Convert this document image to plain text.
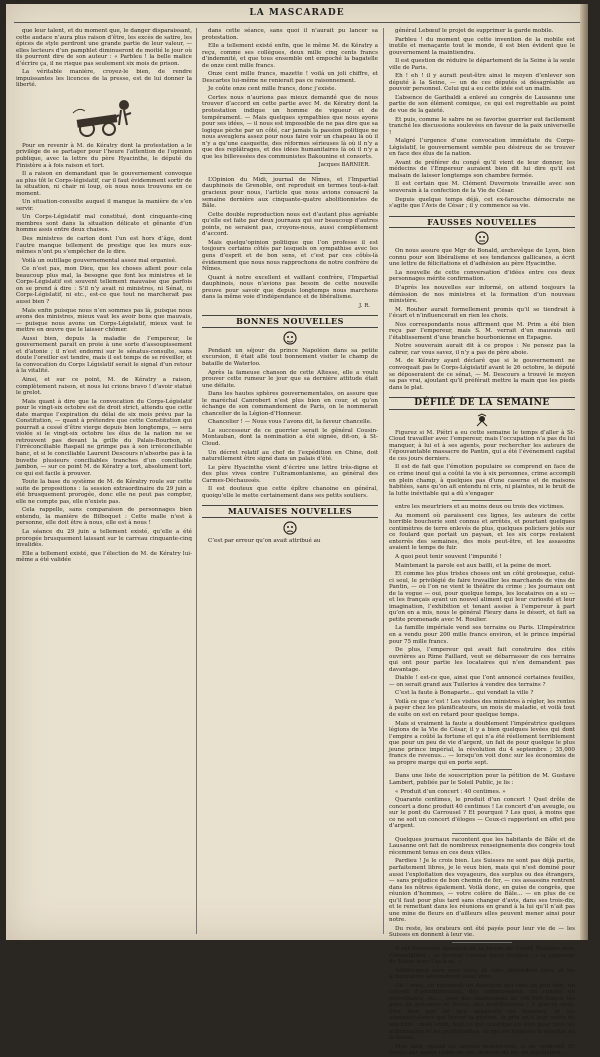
LA MASCARADE

que leur talent, et du moment que, le danger disparaissant, cette audace n’aura plus raison d’être, les excès de satire, les épices de style perdront une grande partie de leur valeur, — elles lecteurs d’un pamphlet diminueront de moitié le jour où ils pourront dire de son auteur : « Parbleu ! la belle malice d’écrire ça, il ne risque pas seulement six mois de prison.

La véritable manière, croyez-le bien, de rendre impuissantes les licences de la presse, est de lui donner la liberté.

Pour en revenir à M. de Kératry dont la protestation a le privilège de se partager pour l’heure l’attention de l’opinion publique, avec la lettre du père Hyacinthe, le député du Finistère a à fois raison et tort.

Il a raison en demandant que le gouvernement convoque au plus tôt le Corps-législatif, car il faut évidemment sortir de la situation, ni chair ni loup, où nous nous trouvons en ce moment.

Un situation-consulte auquel il manque la manière de s’en servir.

Un Corps-Législatif mal constitué, dont cinquante-cinq membres sont dans la situation délicate et gênante d’un homme assis entre deux chaises.

Des ministres de carton dont l’un est hors d’âge, dont l’autre manque tellement de prestige que les murs eux-mêmes n’ont pu s’empêcher de le dire.

Voilà un outillage gouvernemental assez mal organisé.

Ce n’est pas, mon Dieu, que les choses allent pour cela beaucoup plus mal, la besogne que font les ministres et le Corps-Législatif est souvent tellement mauvaise que parfois on se prend à dire : S’il n’y avait ni ministres, ni Sénat, ni Corps-Législatif, ni etc., est-ce que tout ne marcherait pas aussi bien ?

Mais enfin puisque nous n’en sommes pas là, puisque nous avons des ministres, mieux vaut les avoir bons que mauvais, — puisque nous avons un Corps-Législatif, mieux vaut le mettre en œuvre que le laisser chômer.

Aussi bien, depuis la maladie de l’empereur, le gouvernement paraît en proie à une sorte d’assoupissement et d’atonie ; il n’est endormi sur le sénatus-consulte, sans doute l’oreiller est tendre, mais il est temps de se réveiller, et la convocation du Corps Législatif serait le signal d’un retour à la vitalité.

Ainsi, et sur ce point, M. de Kératry a raison, complètement raison, et nous lui crions bravo ! d’avoir statué le grelot.

Mais quant à dire que la convocation du Corps-Législatif pour le vingt-six octobre est de droit strict, attendu que cette date marque l’expiration du délai de six mois prévu par la Constitution, — quant à prétendre que cette Constitution qui pourrait a cessé d’être vierge depuis bien longtemps, — sera violée si le vingt-six octobre les élus de la nation ne se retrouvent pas devant la grille du Palais-Bourbon, si l’irréconciliable Raspail ne grimpe pas à son irréconciliable banc, et si le conciliable Laurent Descours n’absorbe pas à la buvette plusieurs conciliables tranches d’un conciliable jambon, — sur ce point M. de Kératry a tort, absolument tort, ce qui est facile à prouver.

Toute la base du système de M. de Kératry roule sur cette suite de propositions : la session extraordinaire du 29 juin a été brusquement prorogée, donc elle ne peut pas compter, elle ne compte pas, elle n’existe pas.

Cela rappelle, sans comparaison de personnages bien entendu, la manière de Bilboquet : Cette malle n’est à personne, elle doit être à nous, elle est à nous !

La séance du 29 juin a tellement existé, qu’elle a été prorogée brusquement laissant sur le carreau cinquante-cinq invalidés.

Elle a tellement existé, que l’élection de M. de Kératry lui-même a été validée

dans cette séance, sans quoi il n’aurait pu lancer sa protestation.

Elle a tellement existé enfin, que le même M. de Kératry a reçu, comme ses collègues, deux mille cinq cents francs d’indemnité, et que tous ensemble ont empoché la bagatelle de onze cent mille francs.

Onze cent mille francs, mazette ! voilà un joli chiffre, et Descartes lui-même ne renierait pas ce raisonnement.

Je coûte onze cent mille francs, donc j’existe.

Certes nous n’aurions pas mieux demandé que de nous trouver d’accord en cette partie avec M. de Kératry dont la protestation indique un homme de vigueur et de tempérament. — Mais quelques sympathies que nous ayons pour ses idées, — il nous est impossible de ne pas dire que sa logique pèche par un côté, car jamais la passion politique ne nous aveuglera assez pour nous faire voir un chapeau là où il n’y a qu’une casquette, des réformes sérieuses là où il n’y a que des replâtrages, et des idées humanitaires là où il n’y a que les billevesées des communistes Bakounine et consorts.

Jacques BARNIER.

L’Opinion du Midi, journal de Nîmes, et l’Impartial dauphinois de Grenoble, ont reproduit en termes tout-à-fait gracieux pour nous, l’article que nous avions consacré la semaine dernière aux cinquante-quatre abolitionnistes de Bâle.

Cette double reproduction nous est d’autant plus agréable qu’elle est faite par deux journaux qui sur beaucoup d’autres points, ne seraient pas, croyons-nous, aussi complètement d’accord.

Mais quelqu’opinion politique que l’on professe il est toujours certains côtés par lesquels on sympathise avec les gens d’esprit et de bon sens, et c’est par ces côtés-là évidemment que nous nous rapprochons de notre confrère de Nîmes.

Quant à notre excellent et vaillant confrère, l’Impartial dauphinois, nous n’avions pas besoin de cette nouvelle preuve pour savoir que depuis longtemps nous marchons dans la même voie d’indépendance et de libéralisme.

J. R.

BONNES NOUVELLES

Pendant un séjour du prince Napoléon dans sa petite excursion, il était allé tout bonnement visiter le champ de bataille de Waterloo.

Après la fameuse chanson de cette Altesse, elle a voulu prouver cette rumeur le jour que sa dernière attitude était une défaite.

Dans les hautes sphères gouvernementales, on assure que le maréchal Canrobert n’est plus bien en cour, et qu’on échange de son commandement de Paris, on le nommerait chancelier de la Légion-d’Honneur.

Chancelier ! — Nous vous l’avons dit, la faveur chancelle.

Le successeur de ce guerrier serait le général Cousin-Montauban, dont la nomination a été signée, dit-on, à St-Cloud.

Un décret relatif au chef de l’expédition en Chine, doit naturellement être signé dans un palais d’été.

Le père Hyacinthe vient d’écrire une lettre très-digne et des plus vives contre l’ultramontanisme, au général des Carmes-Déchaussés.

Il est douteux que cette épître chanoine en général, quoiqu’elle le mette certainement dans ses petits souliers.

MAUVAISES NOUVELLES

C’est par erreur qu’on avait attribué au

général Lebœuf le projet de supprimer la garde mobile.

Parbleu ! du moment que cette invention de la mobile est inutile et menaçante tout le monde, il est bien évident que le gouvernement la maintiendra.

Il est question de réduire le département de la Seine à la seule ville de Paris.

Eh ! eh ! il y aurait peut-être ainsi le moyen d’enlever son député à la Seine, — un de ces députés si désagréable au pouvoir personnel. Celui qui a eu cette idée est un malin.

L’absence de Garibaldi a enlevé au congrès de Lausanne une partie de son élément comique, ce qui est regrettable au point de vue de la gaieté.

Et puis, comme le sabre ne se favorise guerrier eut facilement tranché les discussions soulevées en faveur de la paix universelle !

Malgré l’urgence d’une convocation immédiate du Corps-Législatif, le gouvernement semble peu désireux de se trouver en face des élus de la nation.

Avant de préférer du congé qu’il vient de leur donner, les médecins de l’Empereur auraient bien dit lui dire qu’il est malsain de laisser longtemps son chambre fermée.

Il est certain que M. Clément Duvernois travaille avec son souverain à la confection de la Vie de César.

Depuis quelque temps déjà, cet ex-farouche démocrate ne s’agite que l’Avis de César ; il y commence sa vie.

FAUSSES NOUVELLES

On nous assure que Mgr de Bonald, archevêque de Lyon, bien connu pour son libéralisme et ses tendances gallicanes, a écrit une lettre de félicitations et d’adhésion au père Hyacinthe.

La nouvelle de cette conversation d’idées entre ces deux personnages mérite confirmation.

D’après les nouvelles sur informé, on attend toujours la démission de nos ministres et la formation d’un nouveau ministère.

M. Rouher aurait formellement promis qu’il se tiendrait à l’écart et n’influencerait en rien les choix.

Nos correspondants nous affirment que M. Prim a été bien reçu par l’empereur, mais S. M. verrait d’un mauvais œil l’établissement d’une branche bourbonienne en Espagne.

Notre souverain aurait dit à ce propos : Ne pensez pas la cabrer, car vous savez, il n’y a pas de père aboie.

M. de Kératry ayant déclaré que si le gouvernement ne convoquait pas le Corps-Législatif avant le 26 octobre, le député se déposeraient de ce sénat, — M. Descours a trouvé le moyen sa pas vrai, ajoutant qu’il préférait mettre la main que les pieds dans le plat.

DÉFILÉ DE LA SEMAINE

Figurez si M. Piétri a eu cette semaine le temps d’aller à St-Cloud travailler avec l’empereur, mais l’occupation n’a pas du lui manquer, à lui et à ses agents, pour rechercher les auteurs de l’épouvantable massacre de Pantin, qui a été l’événement capital de ces jours derniers.

Il est de fait que l’émotion populaire se comprend en face de ce crime inouï qui a coûté la vie à six personnes, crime accompli en plein champ, à quelques pas d’une caserne et de maisons habitées, sans qu’on ait entendu ni cris, ni plaintes, ni le bruit de la lutte inévitable qui a dû s’engager

entre les meurtriers et au moins deux ou trois des victimes.

Au moment où paraissent ces lignes, les auteurs de cette horrible boucherie sont connus et arrêtés, et pourtant quelques centimètres de terre enlevés de plus, quelques policiers jetés sur ce foulard que portait un paysan, et les six corps restaient enterrés des semaines, des mois peut-être, et les assassins avaient le temps de fuir.

A quoi peut tenir souvent l’impunité !

Maintenant la parole est aux bailli, et la peine de mort.

Et comme les plus tristes choses ont un côté grotesque, celui-ci seul, le privilégié de faire travailler les marchands de vins de Pantin, — où l’on ne vient le théâtre du crime ; les journaux ont de la vogue — oui, pour quelque temps, les locataires on a su — et les français ayant un nouvel aliment qui leur curiosité et leur imagination, l’exhibition et tenant assise à l’empereur à part qu’on en a mis, nous le général Fleury dans le désert, et fait sa petite promenade avec M. Roulier.

La famille impériale vend ses terrains ou Paris. L’Impératrice en a vendu pour 200 mille francs environ, et le prince impérial pour 75 mille francs.

De plus, l’empereur qui avait fait construire des cités ouvrières au Rime Faillard, veut se débarrasser de ces terrains qui ont pour partie les locataires qui n’en demandent pas davantage.

Diable ! est-ce que, ainsi que l’ont annoncé certaines feuilles, — on serait grand aux Tuileries à vendre des terrains ?

C’est la faute à Bonaparte... qui vendait la ville ?

Voilà ce que c’est ! Les visites des ministres à régler, les rentes à payer chez les planificateurs, un mois de maladie, et voilà tout de suite on est en retard pour quelque temps.

Mais si vraiment la faute a doublement l’impératrice quelques légions de la Vie de César, il y a bien quelques levées qui dont l’empire a coûté la fortune et qui n’a été réellement terriblement que pour un peu de vie d’argent, un fait de pour quelque le plus jeune prince impérial, la révolution du 4 septembre ; 35,000 francs de revenus... — lorsqu’on voit donc sur les économies de sa propre marge qui en porte sept.

Dans une liste de souscription pour la pétition de M. Gustave Lambert, publiée par le Soleil Public, je lis :

« Produit d’un concert : 40 centimes. »

Quarante centimes, le produit d’un concert ! Quel drôle de concert a donc produit 40 centimes ! Le concert d’un aveugle, ou sur le pont du Carrousel ? Et pourquoi ? Les quoi, à moins que ce ne soit un concert d’éloges — Ceux-ci rapportent en effet peu d’argent.

Quelques journaux racontent que les habitants de Bâle et de Lausanne ont fait de nombreux renseignements des congrès tout récemment tenus en ces deux villes.

Pardieu ! Je le crois bien. Les Suisses ne sont pas déjà partis, parfaitement libres, je le veux bien, mais qui n’est dominé pour aussi l’exploitation des voyageurs, des surplus ou des étrangers, — sans préjudice de bon chemin de fer, — ces assassins rentrent dans les nôtres également. Voilà donc, en guise de congrès, que réunion d’hommes, — votre colère de Bâle... — en plus de ce qu’il faut pour plus tard sans changer d’avis, dans ses trois-dix, et le remettant dans les réunions en grand à la lui qu’il n’ait pas une mine de fleurs en d’ailleurs elles peuvent mener ainsi pour notre.

Du reste, les orateurs ont été payés pour leur vie de — les Suisses en donnent à leur vie.

Il est fortement question de la fusion du Crédit Mobilier avec l’immobilière ; ce dernier, comme dirait Guignol : « la jugement de Moïse avec l’os-à-os. »

Additionnez zéro avec zéro, et vous obtiendrez zéro, et les actionnaires adviendront aussi zéro.

Oh ! mais, on reconnaît un directeur qui vaut un peu dire, un conseil d’administration, des commissaires, un conseil de surveillance, etc..., avec des émoluments de 100,000 francs, les gens de présence et frères, des gratifications ; il pourra peut-être bien par un peu appauvrir les hommes, et les administrateurs qui livrent la gestion, le prix qu’il leur coûte de son titre ; mais enfin, tout ce qui constitue en zéro pour tous les actionnaires et les portefeuilles, ce qui est toujours le résultat de la fusion.

Plus tard, quand les années montreront, si on vendront 50 francs par année celles de ces chemins de fer, en liquidation...
